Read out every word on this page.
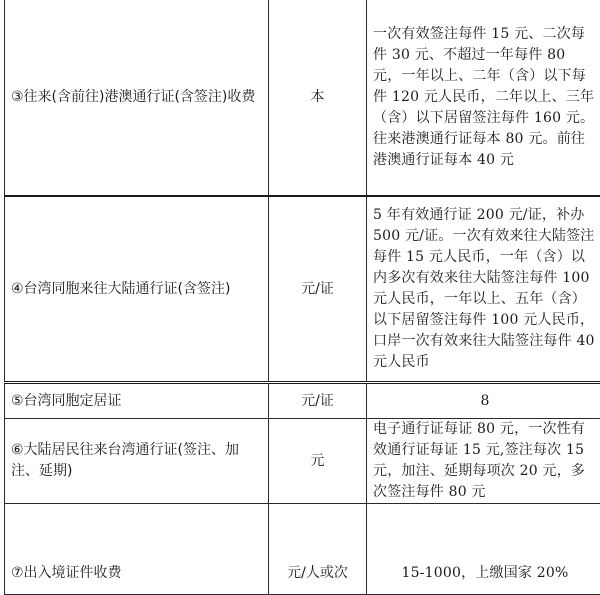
③往来(含前往)港澳通行证(含签注)收费	本	一次有效签注每件 15 元、二次每件 30 元、不超过一年每件 80 元，一年以上、二年（含）以下每件 120 元人民币，二年以上、三年（含）以下居留签注每件 160 元。往来港澳通行证每本 80 元。前往港澳通行证每本 40 元
④台湾同胞来往大陆通行证(含签注)	元/证	5 年有效通行证 200 元/证，补办 500 元/证。一次有效来往大陆签注每件 15 元人民币，一年（含）以内多次有效来往大陆签注每件 100 元人民币，一年以上、五年（含）以下居留签注每件 100 元人民币，口岸一次有效来往大陆签注每件 40 元人民币
⑤台湾同胞定居证	元/证	8
⑥大陆居民往来台湾通行证(签注、加注、延期)	元	电子通行证每证 80 元，一次性有效通行证每证 15 元,签注每次 15 元，加注、延期每项次 20 元，多次签注每件 80 元
⑦出入境证件收费	元/人或次	15-1000，上缴国家 20%
